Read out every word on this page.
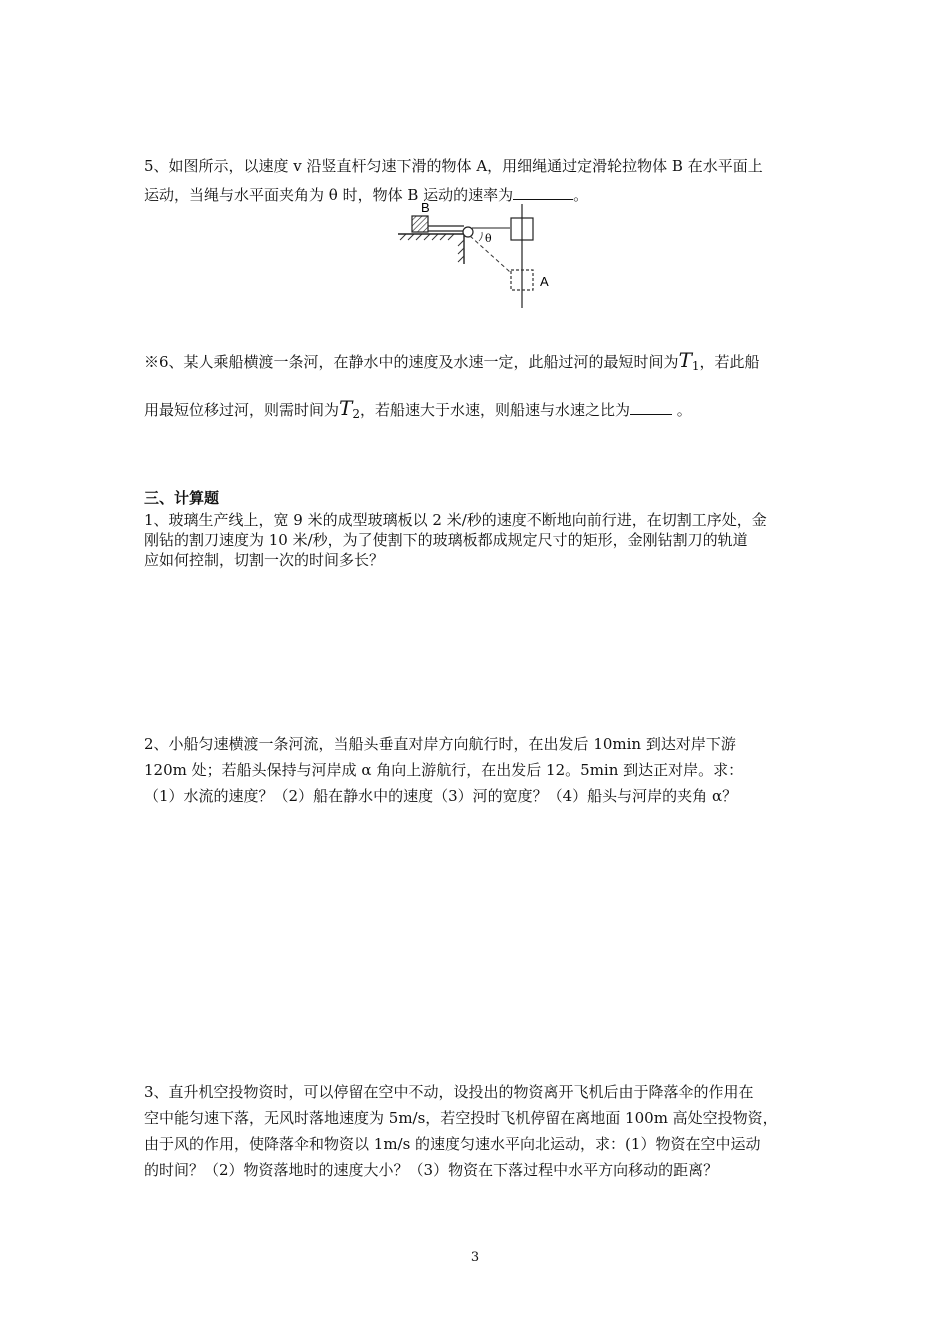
5、如图所示，以速度 v 沿竖直杆匀速下滑的物体 A，用细绳通过定滑轮拉物体 B 在水平面上
运动，当绳与水平面夹角为 θ 时，物体 B 运动的速率为	。
B
A
θ
※6、某人乘船横渡一条河，在静水中的速度及水速一定，此船过河的最短时间为T1，若此船
用最短位移过河，则需时间为T2，若船速大于水速，则船速与水速之比为	。
三、计算题
1、玻璃生产线上，宽 9 米的成型玻璃板以 2 米/秒的速度不断地向前行进，在切割工序处，金
刚钻的割刀速度为 10 米/秒，为了使割下的玻璃板都成规定尺寸的矩形，金刚钻割刀的轨道
应如何控制，切割一次的时间多长？
2、小船匀速横渡一条河流，当船头垂直对岸方向航行时，在出发后 10min 到达对岸下游
120m 处；若船头保持与河岸成 α 角向上游航行，在出发后 12。5min 到达正对岸。求：
（1）水流的速度？（2）船在静水中的速度（3）河的宽度？（4）船头与河岸的夹角 α？
3、直升机空投物资时，可以停留在空中不动，设投出的物资离开飞机后由于降落伞的作用在
空中能匀速下落，无风时落地速度为 5m/s，若空投时飞机停留在离地面 100m 高处空投物资，
由于风的作用，使降落伞和物资以 1m/s 的速度匀速水平向北运动，求：(1）物资在空中运动
的时间？（2）物资落地时的速度大小？（3）物资在下落过程中水平方向移动的距离？
3
